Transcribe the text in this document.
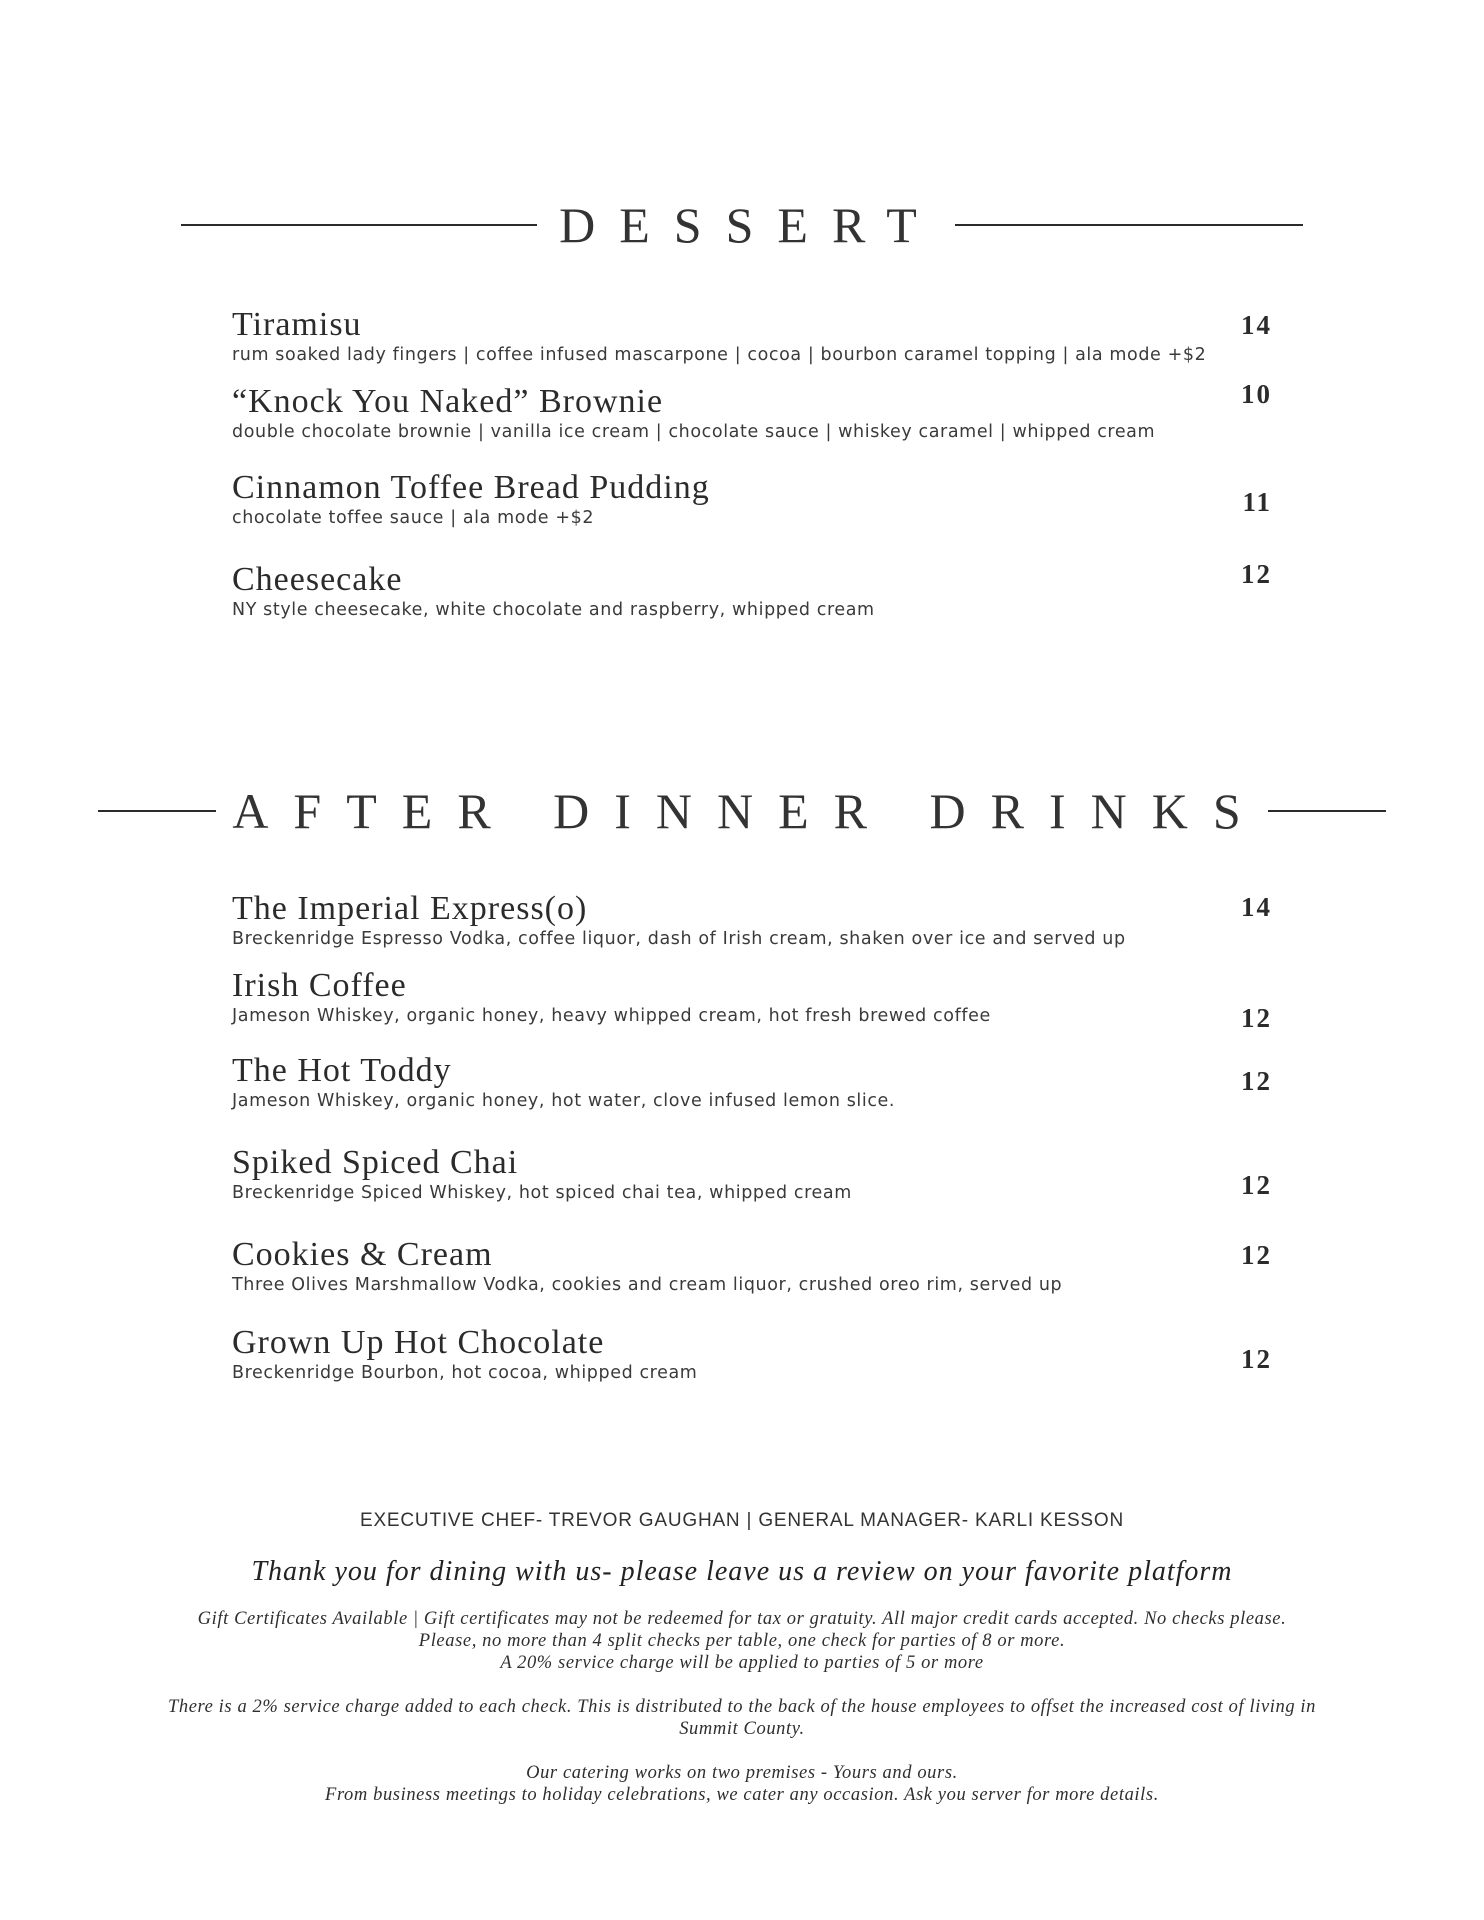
DESSERT
Tiramisu
rum soaked lady fingers | coffee infused mascarpone | cocoa | bourbon caramel topping | ala mode +$2
14
“Knock You Naked” Brownie
double chocolate brownie | vanilla ice cream | chocolate sauce | whiskey caramel | whipped cream
10
Cinnamon Toffee Bread Pudding
chocolate toffee sauce | ala mode +$2
11
Cheesecake
NY style cheesecake, white chocolate and raspberry, whipped cream
12
AFTER DINNER DRINKS
The Imperial Express(o)
Breckenridge Espresso Vodka, coffee liquor, dash of Irish cream, shaken over ice and served up
14
Irish Coffee
Jameson Whiskey, organic honey, heavy whipped cream, hot fresh brewed coffee	12
The Hot Toddy
Jameson Whiskey, organic honey, hot water, clove infused lemon slice.
12
Spiked Spiced Chai
Breckenridge Spiced Whiskey, hot spiced chai tea, whipped cream	12
Cookies & Cream
Three Olives Marshmallow Vodka, cookies and cream liquor, crushed oreo rim, served up
12
Grown Up Hot Chocolate
Breckenridge Bourbon, hot cocoa, whipped cream	12
EXECUTIVE CHEF- TREVOR GAUGHAN | GENERAL MANAGER- KARLI KESSON
Thank you for dining with us- please leave us a review on your favorite platform
Gift Certificates Available | Gift certificates may not be redeemed for tax or gratuity. All major credit cards accepted. No checks please. Please, no more than 4 split checks per table, one check for parties of 8 or more.
A 20% service charge will be applied to parties of 5 or more
There is a 2% service charge added to each check. This is distributed to the back of the house employees to offset the increased cost of living in Summit County.
Our catering works on two premises - Yours and ours.
From business meetings to holiday celebrations, we cater any occasion. Ask you server for more details.
